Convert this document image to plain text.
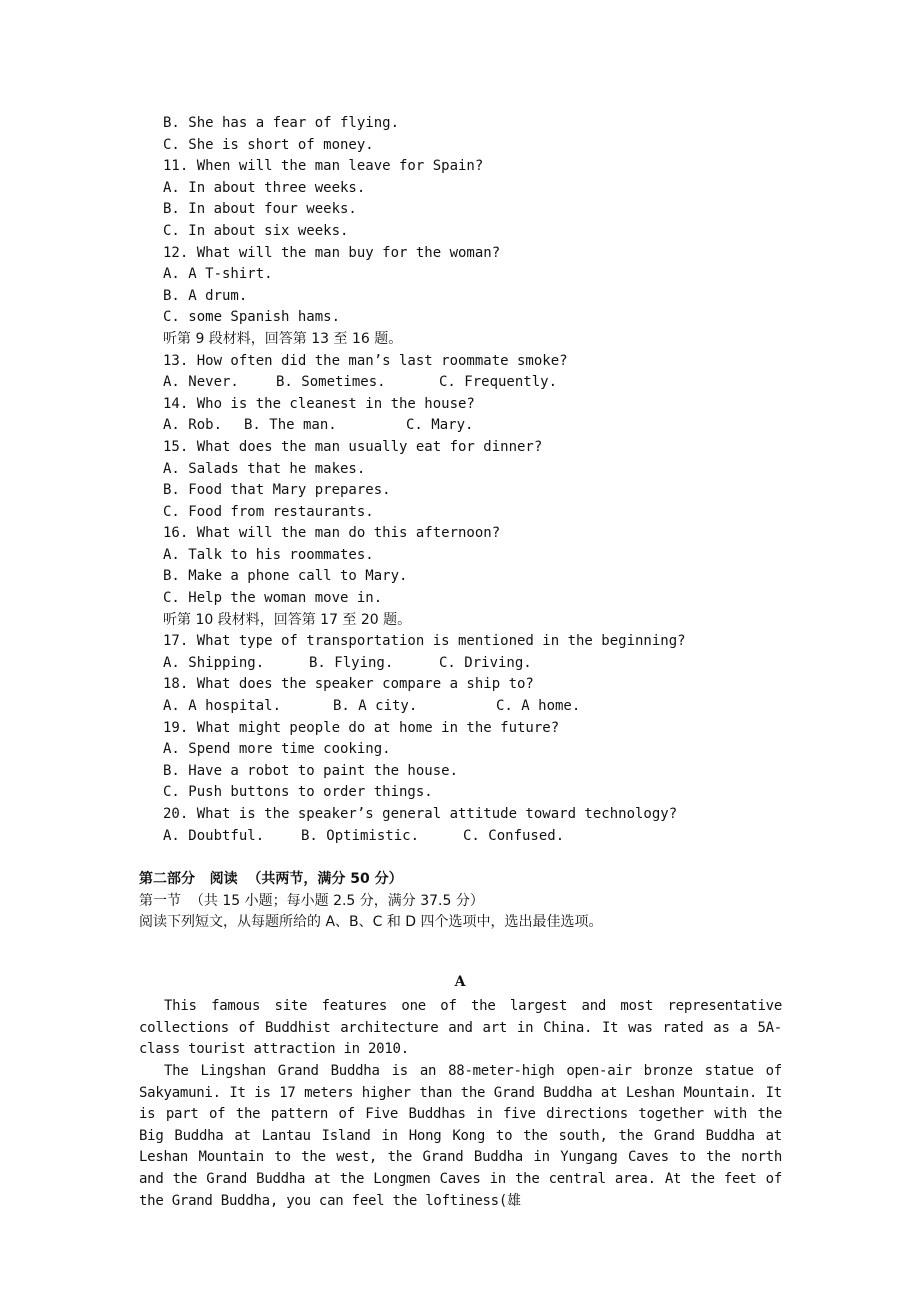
B. She has a fear of flying.
C. She is short of money.
11. When will the man leave for Spain?
A. In about three weeks.
B. In about four weeks.
C. In about six weeks.
12. What will the man buy for the woman?
A. A T-shirt.
B. A drum.
C. some Spanish hams.
听第 9 段材料，回答第 13 至 16 题。
13. How often did the man’s last roommate smoke?
A. Never.	B. Sometimes.	C. Frequently.
14. Who is the cleanest in the house?
A. Rob.	B. The man.	C. Mary.
15. What does the man usually eat for dinner?
A. Salads that he makes.
B. Food that Mary prepares.
C. Food from restaurants.
16. What will the man do this afternoon?
A. Talk to his roommates.
B. Make a phone call to Mary.
C. Help the woman move in.
听第 10 段材料，回答第 17 至 20 题。
17. What type of transportation is mentioned in the beginning?
A. Shipping.	B. Flying.	C. Driving.
18. What does the speaker compare a ship to?
A. A hospital.	B. A city.	C. A home.
19. What might people do at home in the future?
A. Spend more time cooking.
B. Have a robot to paint the house.
C. Push buttons to order things.
20. What is the speaker’s general attitude toward technology?
A. Doubtful.	B. Optimistic.	C. Confused.
第二部分   阅读  （共两节，满分 50 分）
第一节  （共 15 小题；每小题 2.5 分，满分 37.5 分）
阅读下列短文，从每题所给的 A、B、C 和 D 四个选项中，选出最佳选项。
A

This famous site features one of the largest and most representative collections of Buddhist architecture and art in China. It was rated as a 5A-class tourist attraction in 2010.

The Lingshan Grand Buddha is an 88-meter-high open-air bronze statue of Sakyamuni. It is 17 meters higher than the Grand Buddha at Leshan Mountain. It is part of the pattern of Five Buddhas in five directions together with the Big Buddha at Lantau Island in Hong Kong to the south, the Grand Buddha at Leshan Mountain to the west, the Grand Buddha in Yungang Caves to the north and the Grand Buddha at the Longmen Caves in the central area. At the feet of the Grand Buddha, you can feel the loftiness(雄
